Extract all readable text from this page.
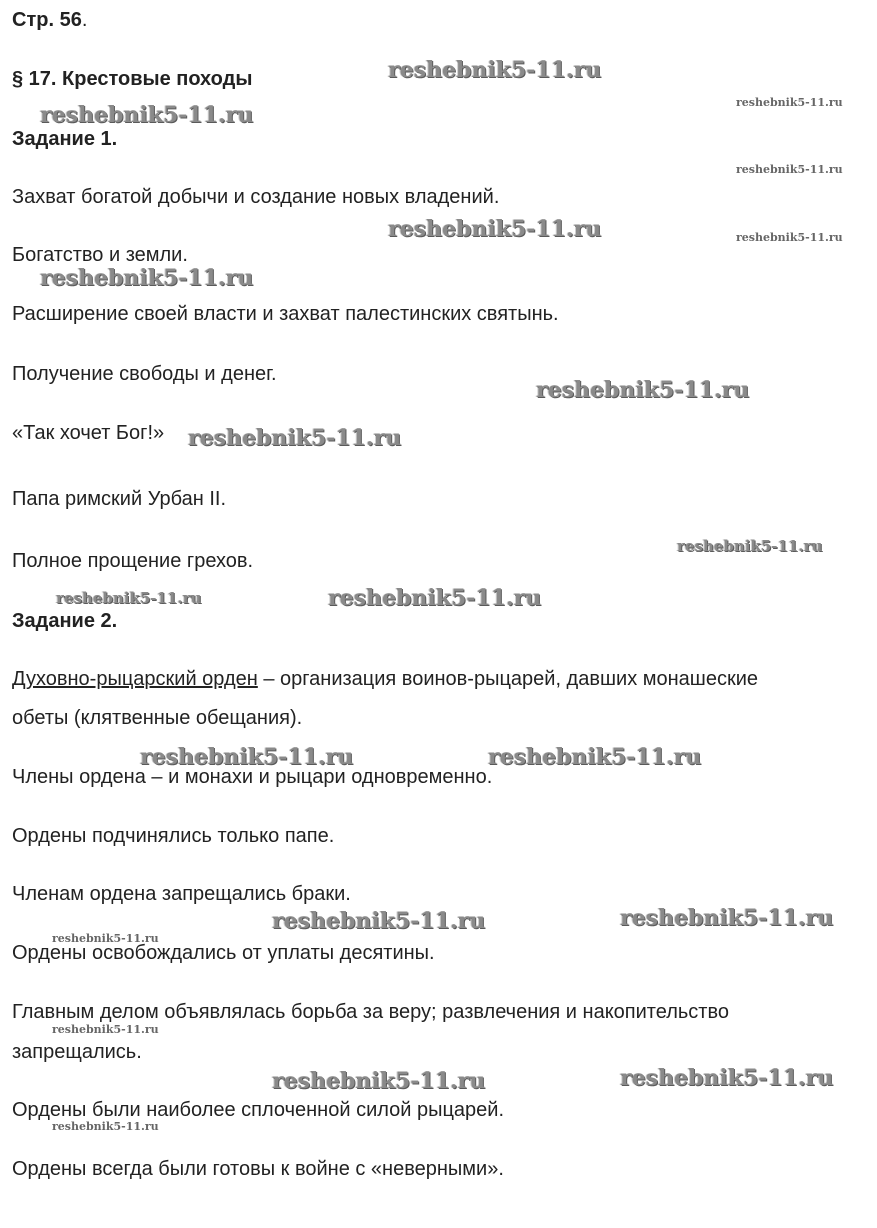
Стр. 56.
§ 17. Крестовые походы
Задание 1.
Захват богатой добычи и создание новых владений.
Богатство и земли.
Расширение своей власти и захват палестинских святынь.
Получение свободы и денег.
«Так хочет Бог!»
Папа римский Урбан II.
Полное прощение грехов.
Задание 2.
Духовно-рыцарский орден – организация воинов-рыцарей, давших монашеские
обеты (клятвенные обещания).
Члены ордена – и монахи и рыцари одновременно.
Ордены подчинялись только папе.
Членам ордена запрещались браки.
Ордены освобождались от уплаты десятины.
Главным делом объявлялась борьба за веру; развлечения и накопительство
запрещались.
Ордены были наиболее сплоченной силой рыцарей.
Ордены всегда были готовы к войне с «неверными».
reshebnik5-11.ru
reshebnik5-11.ru	reshebnik5-11.ru
reshebnik5-11.ru
reshebnik5-11.ru	reshebnik5-11.ru
reshebnik5-11.ru
reshebnik5-11.ru
reshebnik5-11.ru
reshebnik5-11.ru
reshebnik5-11.ru	reshebnik5-11.ru
reshebnik5-11.ru	reshebnik5-11.ru
reshebnik5-11.ru	reshebnik5-11.ru
reshebnik5-11.ru
reshebnik5-11.ru
reshebnik5-11.ru	reshebnik5-11.ru
reshebnik5-11.ru
